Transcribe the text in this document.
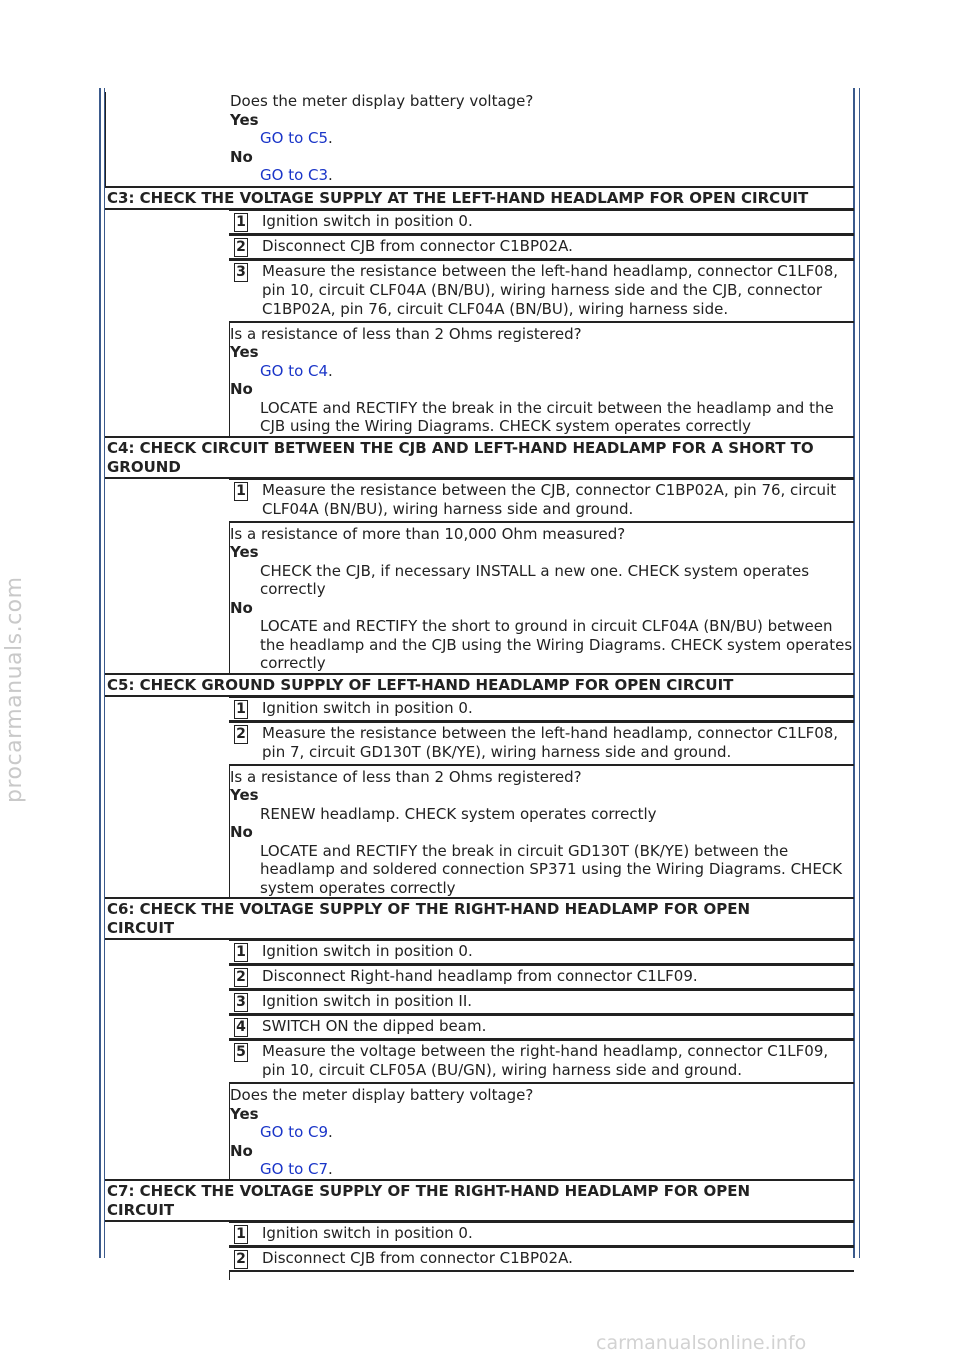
procarmanuals.com
carmanualsonline.info
Does the meter display battery voltage?
Yes
GO to C5.
No
GO to C3.
C3: CHECK THE VOLTAGE SUPPLY AT THE LEFT-HAND HEADLAMP FOR OPEN CIRCUIT
1 Ignition switch in position 0.
2 Disconnect CJB from connector C1BP02A.
3 Measure the resistance between the left-hand headlamp, connector C1LF08, pin 10, circuit CLF04A (BN/BU), wiring harness side and the CJB, connector C1BP02A, pin 76, circuit CLF04A (BN/BU), wiring harness side.
Is a resistance of less than 2 Ohms registered?
Yes
GO to C4.
No
LOCATE and RECTIFY the break in the circuit between the headlamp and the CJB using the Wiring Diagrams. CHECK system operates correctly
C4: CHECK CIRCUIT BETWEEN THE CJB AND LEFT-HAND HEADLAMP FOR A SHORT TO GROUND
1 Measure the resistance between the CJB, connector C1BP02A, pin 76, circuit CLF04A (BN/BU), wiring harness side and ground.
Is a resistance of more than 10,000 Ohm measured?
Yes
CHECK the CJB, if necessary INSTALL a new one. CHECK system operates correctly
No
LOCATE and RECTIFY the short to ground in circuit CLF04A (BN/BU) between the headlamp and the CJB using the Wiring Diagrams. CHECK system operates correctly
C5: CHECK GROUND SUPPLY OF LEFT-HAND HEADLAMP FOR OPEN CIRCUIT
1 Ignition switch in position 0.
2 Measure the resistance between the left-hand headlamp, connector C1LF08, pin 7, circuit GD130T (BK/YE), wiring harness side and ground.
Is a resistance of less than 2 Ohms registered?
Yes
RENEW headlamp. CHECK system operates correctly
No
LOCATE and RECTIFY the break in circuit GD130T (BK/YE) between the headlamp and soldered connection SP371 using the Wiring Diagrams. CHECK system operates correctly
C6: CHECK THE VOLTAGE SUPPLY OF THE RIGHT-HAND HEADLAMP FOR OPEN CIRCUIT
1 Ignition switch in position 0.
2 Disconnect Right-hand headlamp from connector C1LF09.
3 Ignition switch in position II.
4 SWITCH ON the dipped beam.
5 Measure the voltage between the right-hand headlamp, connector C1LF09, pin 10, circuit CLF05A (BU/GN), wiring harness side and ground.
Does the meter display battery voltage?
Yes
GO to C9.
No
GO to C7.
C7: CHECK THE VOLTAGE SUPPLY OF THE RIGHT-HAND HEADLAMP FOR OPEN CIRCUIT
1 Ignition switch in position 0.
2 Disconnect CJB from connector C1BP02A.
